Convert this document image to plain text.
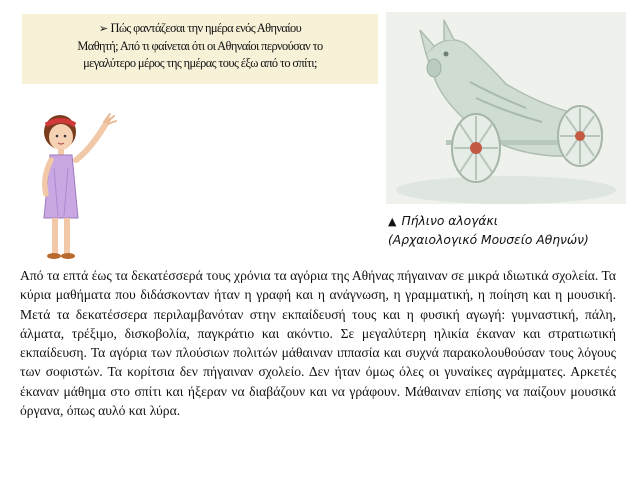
➢ Πώς φαντάζεσαι την ημέρα ενός Αθηναίου
Μαθητή; Από τι φαίνεται ότι οι Αθηναίοι περνούσαν το
μεγαλύτερο μέρος της ημέρας τους έξω από το σπίτι;
▲ Πήλινο αλογάκι
(Αρχαιολογικό Μουσείο Αθηνών)

Από τα επτά έως τα δεκατέσσερά τους χρόνια τα αγόρια της Αθήνας πήγαιναν σε μικρά ιδιωτικά σχολεία. Τα κύρια μαθήματα που διδάσκονταν ήταν η γραφή και η ανάγνωση, η γραμματική, η ποίηση και η μουσική. Μετά τα δεκατέσσερα περιλαμβανόταν στην εκπαίδευσή τους και η φυσική αγωγή: γυμναστική, πάλη, άλματα, τρέξιμο, δισκοβολία, παγκράτιο και ακόντιο. Σε μεγαλύτερη ηλικία έκαναν και στρατιωτική εκπαίδευση. Τα αγόρια των πλούσιων πολιτών μάθαιναν ιππασία και συχνά παρακολουθούσαν τους λόγους των σοφιστών. Τα κορίτσια δεν πήγαιναν σχολείο. Δεν ήταν όμως όλες οι γυναίκες αγράμματες. Αρκετές έκαναν μάθημα στο σπίτι και ήξεραν να διαβάζουν και να γράφουν. Μάθαιναν επίσης να παίζουν μουσικά όργανα, όπως αυλό και λύρα.
